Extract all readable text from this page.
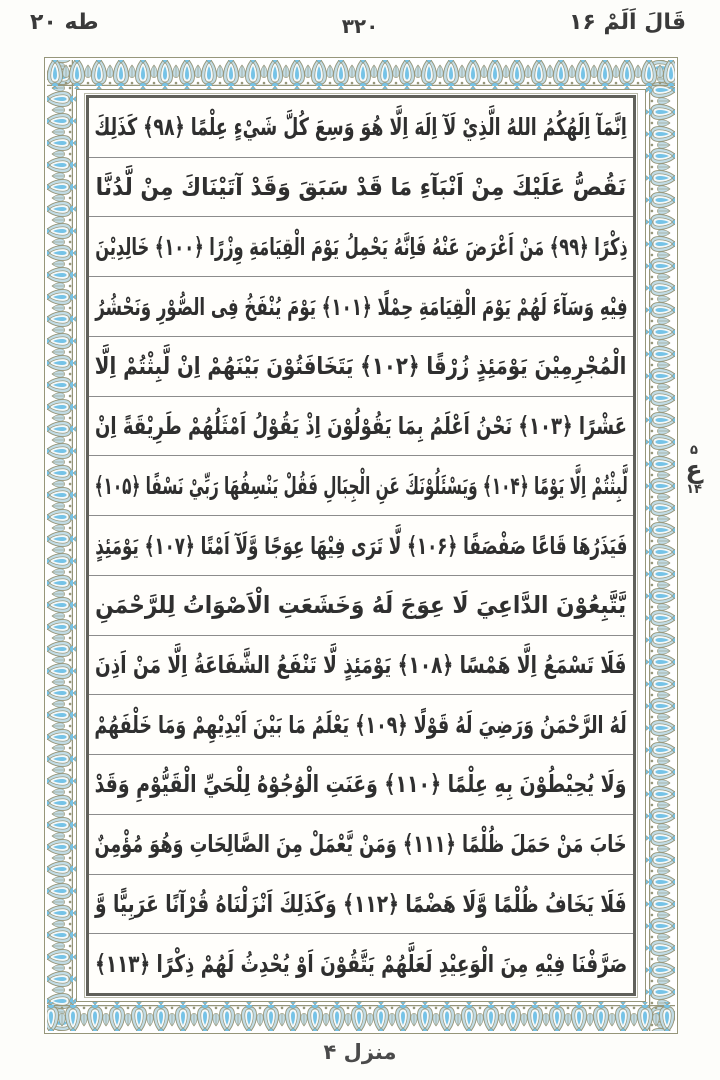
قَالَ اَلَمْ ۱۶
۳۲۰
طه ۲۰
اِنَّمَآ اِلَهُكُمُ اللهُ الَّذِيْ لَآ اِلَهَ اِلَّا هُوَ وَسِعَ كُلَّ شَيْءٍ عِلْمًا ﴿۹۸﴾ كَذَلِكَ
نَقُصُّ عَلَيْكَ مِنْ اَنْبَآءِ مَا قَدْ سَبَقَ وَقَدْ آتَيْنَاكَ مِنْ لَّدُنَّا
ذِكْرًا ﴿۹۹﴾ مَنْ اَعْرَضَ عَنْهُ فَاِنَّهُ يَحْمِلُ يَوْمَ الْقِيَامَةِ وِزْرًا ﴿۱۰۰﴾ خَالِدِيْنَ
فِيْهِ وَسَآءَ لَهُمْ يَوْمَ الْقِيَامَةِ حِمْلًا ﴿۱۰۱﴾ يَوْمَ يُنْفَخُ فِى الصُّوْرِ وَنَحْشُرُ
الْمُجْرِمِيْنَ يَوْمَئِذٍ زُرْقًا ﴿۱۰۲﴾ يَتَخَافَتُوْنَ بَيْنَهُمْ اِنْ لَّبِثْتُمْ اِلَّا
عَشْرًا ﴿۱۰۳﴾ نَحْنُ اَعْلَمُ بِمَا يَقُوْلُوْنَ اِذْ يَقُوْلُ اَمْثَلُهُمْ طَرِيْقَةً اِنْ
لَّبِثْتُمْ اِلَّا يَوْمًا ﴿۱۰۴﴾ وَيَسْئَلُوْنَكَ عَنِ الْجِبَالِ فَقُلْ يَنْسِفُهَا رَبِّيْ نَسْفًا ﴿۱۰۵﴾
فَيَذَرُهَا قَاعًا صَفْصَفًا ﴿۱۰۶﴾ لَّا تَرَى فِيْهَا عِوَجًا وَّلَآ اَمْتًا ﴿۱۰۷﴾ يَوْمَئِذٍ
يَّتَّبِعُوْنَ الدَّاعِيَ لَا عِوَجَ لَهُ وَخَشَعَتِ الْاَصْوَاتُ لِلرَّحْمَنِ
فَلَا تَسْمَعُ اِلَّا هَمْسًا ﴿۱۰۸﴾ يَوْمَئِذٍ لَّا تَنْفَعُ الشَّفَاعَةُ اِلَّا مَنْ اَذِنَ
لَهُ الرَّحْمَنُ وَرَضِيَ لَهُ قَوْلًا ﴿۱۰۹﴾ يَعْلَمُ مَا بَيْنَ اَيْدِيْهِمْ وَمَا خَلْفَهُمْ
وَلَا يُحِيْطُوْنَ بِهِ عِلْمًا ﴿۱۱۰﴾ وَعَنَتِ الْوُجُوْهُ لِلْحَيِّ الْقَيُّوْمِ وَقَدْ
خَابَ مَنْ حَمَلَ ظُلْمًا ﴿۱۱۱﴾ وَمَنْ يَّعْمَلْ مِنَ الصَّالِحَاتِ وَهُوَ مُؤْمِنٌ
فَلَا يَخَافُ ظُلْمًا وَّلَا هَضْمًا ﴿۱۱۲﴾ وَكَذَلِكَ اَنْزَلْنَاهُ قُرْآنًا عَرَبِيًّا وَّ
صَرَّفْنَا فِيْهِ مِنَ الْوَعِيْدِ لَعَلَّهُمْ يَتَّقُوْنَ اَوْ يُحْدِثُ لَهُمْ ذِكْرًا ﴿۱۱۳﴾
۵
ع
۱۴
منزل ۴
